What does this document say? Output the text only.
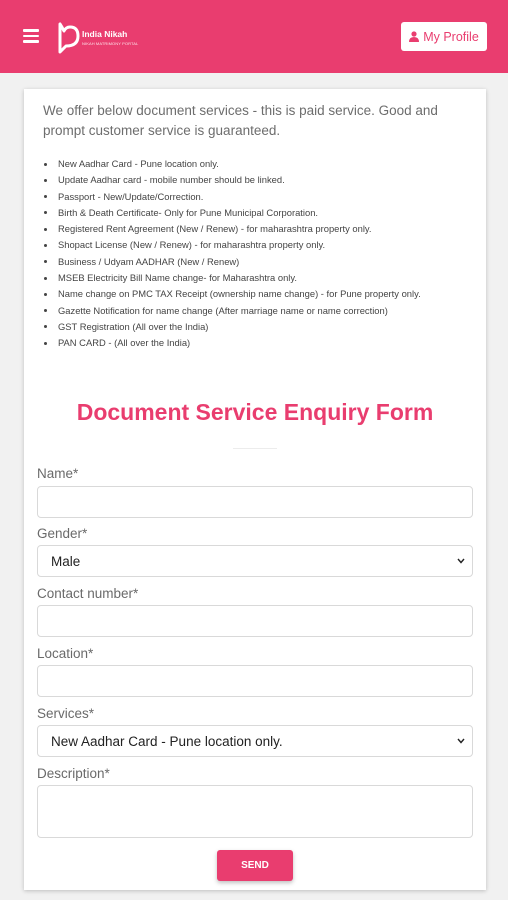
India Nikah
NIKAH MATRIMONY PORTAL	My Profile

We offer below document services - this is paid service. Good and prompt customer service is guaranteed.

New Aadhar Card - Pune location only.
Update Aadhar card - mobile number should be linked.
Passport - New/Update/Correction.
Birth & Death Certificate- Only for Pune Municipal Corporation.
Registered Rent Agreement (New / Renew) - for maharashtra property only.
Shopact License (New / Renew) - for maharashtra property only.
Business / Udyam AADHAR (New / Renew)
MSEB Electricity Bill Name change- for Maharashtra only.
Name change on PMC TAX Receipt (ownership name change) - for Pune property only.
Gazette Notification for name change (After marriage name or name correction)
GST Registration (All over the India)
PAN CARD - (All over the India)
Document Service Enquiry Form
Name*
Gender*
Male
Contact number*
Location*
Services*
New Aadhar Card - Pune location only.
Description*
SEND
